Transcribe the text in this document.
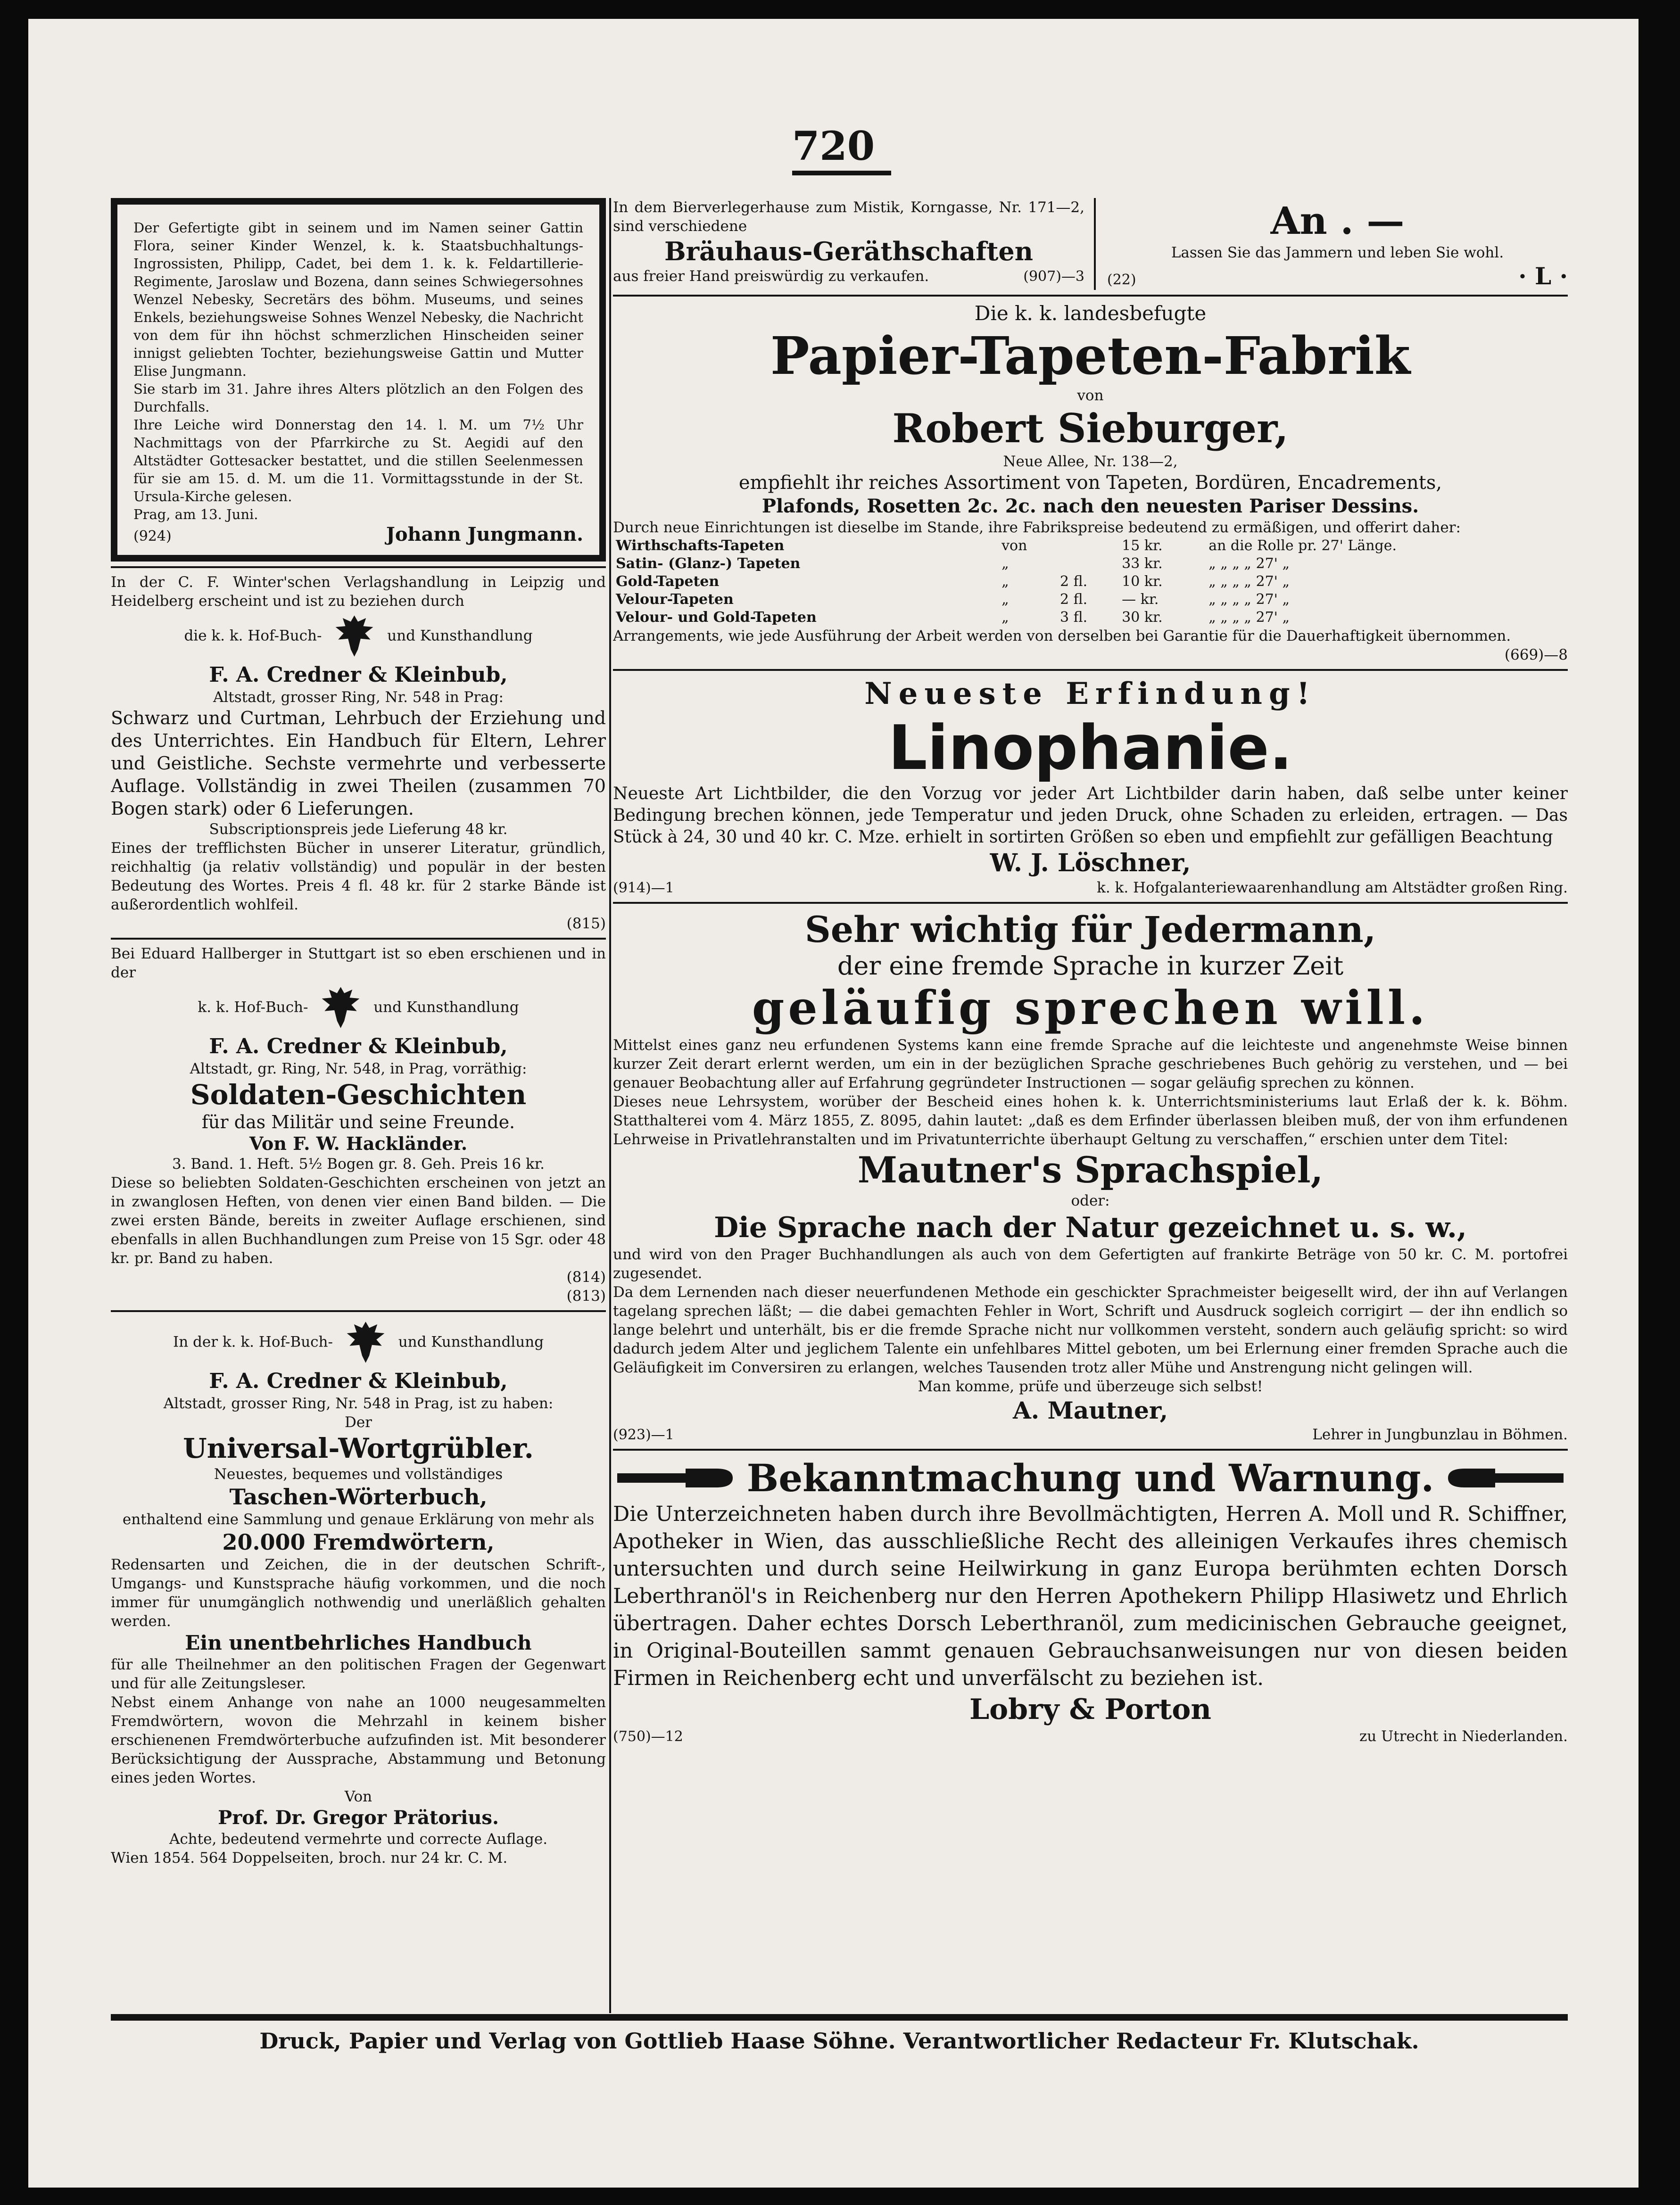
720

Der Gefertigte gibt in seinem und im Namen seiner Gattin Flora, seiner Kinder Wenzel, k. k. Staatsbuchhaltungs-Ingrossisten, Philipp, Cadet, bei dem 1. k. k. Feldartillerie-Regimente, Jaroslaw und Bozena, dann seines Schwiegersohnes Wenzel Nebesky, Secretärs des böhm. Museums, und seines Enkels, beziehungsweise Sohnes Wenzel Nebesky, die Nachricht von dem für ihn höchst schmerzlichen Hinscheiden seiner innigst geliebten Tochter, beziehungsweise Gattin und Mutter Elise Jungmann.

Sie starb im 31. Jahre ihres Alters plötzlich an den Folgen des Durchfalls.

Ihre Leiche wird Donnerstag den 14. l. M. um 7½ Uhr Nachmittags von der Pfarrkirche zu St. Aegidi auf den Altstädter Gottesacker bestattet, und die stillen Seelenmessen für sie am 15. d. M. um die 11. Vormittagsstunde in der St. Ursula-Kirche gelesen.

Prag, am 13. Juni.

(924)	Johann Jungmann.

In der C. F. Winter'schen Verlagshandlung in Leipzig und Heidelberg erscheint und ist zu beziehen durch

die k. k. Hof-Buch-	und Kunsthandlung

F. A. Credner & Kleinbub,

Altstadt, grosser Ring, Nr. 548 in Prag:

Schwarz und Curtman, Lehrbuch der Erziehung und des Unterrichtes. Ein Handbuch für Eltern, Lehrer und Geistliche. Sechste vermehrte und verbesserte Auflage. Vollständig in zwei Theilen (zusammen 70 Bogen stark) oder 6 Lieferungen.

Subscriptionspreis jede Lieferung 48 kr.

Eines der trefflichsten Bücher in unserer Literatur, gründlich, reichhaltig (ja relativ vollständig) und populär in der besten Bedeutung des Wortes. Preis 4 fl. 48 kr. für 2 starke Bände ist außerordentlich wohlfeil.

(815)

Bei Eduard Hallberger in Stuttgart ist so eben erschienen und in der

k. k. Hof-Buch-	und Kunsthandlung

F. A. Credner & Kleinbub,

Altstadt, gr. Ring, Nr. 548, in Prag, vorräthig:

Soldaten-Geschichten

für das Militär und seine Freunde.

Von F. W. Hackländer.

3. Band. 1. Heft. 5½ Bogen gr. 8. Geh. Preis 16 kr.

Diese so beliebten Soldaten-Geschichten erscheinen von jetzt an in zwanglosen Heften, von denen vier einen Band bilden. — Die zwei ersten Bände, bereits in zweiter Auflage erschienen, sind ebenfalls in allen Buchhandlungen zum Preise von 15 Sgr. oder 48 kr. pr. Band zu haben.

(814)

(813)

In der k. k. Hof-Buch-	und Kunsthandlung

F. A. Credner & Kleinbub,

Altstadt, grosser Ring, Nr. 548 in Prag, ist zu haben:

Der

Universal-Wortgrübler.

Neuestes, bequemes und vollständiges

Taschen-Wörterbuch,

enthaltend eine Sammlung und genaue Erklärung von mehr als

20.000 Fremdwörtern,

Redensarten und Zeichen, die in der deutschen Schrift-, Umgangs- und Kunstsprache häufig vorkommen, und die noch immer für unumgänglich nothwendig und unerläßlich gehalten werden.

Ein unentbehrliches Handbuch

für alle Theilnehmer an den politischen Fragen der Gegenwart und für alle Zeitungsleser.

Nebst einem Anhange von nahe an 1000 neugesammelten Fremdwörtern, wovon die Mehrzahl in keinem bisher erschienenen Fremdwörterbuche aufzufinden ist. Mit besonderer Berücksichtigung der Aussprache, Abstammung und Betonung eines jeden Wortes.

Von

Prof. Dr. Gregor Prätorius.

Achte, bedeutend vermehrte und correcte Auflage.

Wien 1854. 564 Doppelseiten, broch. nur 24 kr. C. M.

In dem Bierverlegerhause zum Mistik, Korngasse, Nr. 171—2, sind verschiedene

Bräuhaus-Geräthschaften

aus freier Hand preiswürdig zu verkaufen.	(907)—3

An . —

Lassen Sie das Jammern und leben Sie wohl.

(22)	· L ·

Die k. k. landesbefugte

Papier-Tapeten-Fabrik

von

Robert Sieburger,

Neue Allee, Nr. 138—2,

empfiehlt ihr reiches Assortiment von Tapeten, Bordüren, Encadrements,

Plafonds, Rosetten 2c. 2c. nach den neuesten Pariser Dessins.

Durch neue Einrichtungen ist dieselbe im Stande, ihre Fabrikspreise bedeutend zu ermäßigen, und offerirt daher:

Wirthschafts-Tapeten	von		15 kr.	an die Rolle pr. 27' Länge.
Satin- (Glanz-) Tapeten	„		33 kr.	„ „ „ „ 27' „
Gold-Tapeten	„	2 fl.	10 kr.	„ „ „ „ 27' „
Velour-Tapeten	„	2 fl.	— kr.	„ „ „ „ 27' „
Velour- und Gold-Tapeten	„	3 fl.	30 kr.	„ „ „ „ 27' „

Arrangements, wie jede Ausführung der Arbeit werden von derselben bei Garantie für die Dauerhaftigkeit übernommen.

(669)—8

Neueste Erfindung!

Linophanie.

Neueste Art Lichtbilder, die den Vorzug vor jeder Art Lichtbilder darin haben, daß selbe unter keiner Bedingung brechen können, jede Temperatur und jeden Druck, ohne Schaden zu erleiden, ertragen. — Das Stück à 24, 30 und 40 kr. C. Mze. erhielt in sortirten Größen so eben und empfiehlt zur gefälligen Beachtung

W. J. Löschner,

(914)—1	k. k. Hofgalanteriewaarenhandlung am Altstädter großen Ring.

Sehr wichtig für Jedermann,

der eine fremde Sprache in kurzer Zeit

geläufig sprechen will.

Mittelst eines ganz neu erfundenen Systems kann eine fremde Sprache auf die leichteste und angenehmste Weise binnen kurzer Zeit derart erlernt werden, um ein in der bezüglichen Sprache geschriebenes Buch gehörig zu verstehen, und — bei genauer Beobachtung aller auf Erfahrung gegründeter Instructionen — sogar geläufig sprechen zu können.

Dieses neue Lehrsystem, worüber der Bescheid eines hohen k. k. Unterrichtsministeriums laut Erlaß der k. k. Böhm. Statthalterei vom 4. März 1855, Z. 8095, dahin lautet: „daß es dem Erfinder überlassen bleiben muß, der von ihm erfundenen Lehrweise in Privatlehranstalten und im Privatunterrichte überhaupt Geltung zu verschaffen,“ erschien unter dem Titel:

Mautner's Sprachspiel,

oder:

Die Sprache nach der Natur gezeichnet u. s. w.,

und wird von den Prager Buchhandlungen als auch von dem Gefertigten auf frankirte Beträge von 50 kr. C. M. portofrei zugesendet.

Da dem Lernenden nach dieser neuerfundenen Methode ein geschickter Sprachmeister beigesellt wird, der ihn auf Verlangen tagelang sprechen läßt; — die dabei gemachten Fehler in Wort, Schrift und Ausdruck sogleich corrigirt — der ihn endlich so lange belehrt und unterhält, bis er die fremde Sprache nicht nur vollkommen versteht, sondern auch geläufig spricht: so wird dadurch jedem Alter und jeglichem Talente ein unfehlbares Mittel geboten, um bei Erlernung einer fremden Sprache auch die Geläufigkeit im Conversiren zu erlangen, welches Tausenden trotz aller Mühe und Anstrengung nicht gelingen will.

Man komme, prüfe und überzeuge sich selbst!

A. Mautner,

(923)—1	Lehrer in Jungbunzlau in Böhmen.

Bekanntmachung und Warnung.

Die Unterzeichneten haben durch ihre Bevollmächtigten, Herren A. Moll und R. Schiffner, Apotheker in Wien, das ausschließliche Recht des alleinigen Verkaufes ihres chemisch untersuchten und durch seine Heilwirkung in ganz Europa berühmten echten Dorsch Leberthranöl's in Reichenberg nur den Herren Apothekern Philipp Hlasiwetz und Ehrlich übertragen. Daher echtes Dorsch Leberthranöl, zum medicinischen Gebrauche geeignet, in Original-Bouteillen sammt genauen Gebrauchsanweisungen nur von diesen beiden Firmen in Reichenberg echt und unverfälscht zu beziehen ist.

Lobry & Porton

(750)—12	zu Utrecht in Niederlanden.
Druck, Papier und Verlag von Gottlieb Haase Söhne. Verantwortlicher Redacteur Fr. Klutschak.
